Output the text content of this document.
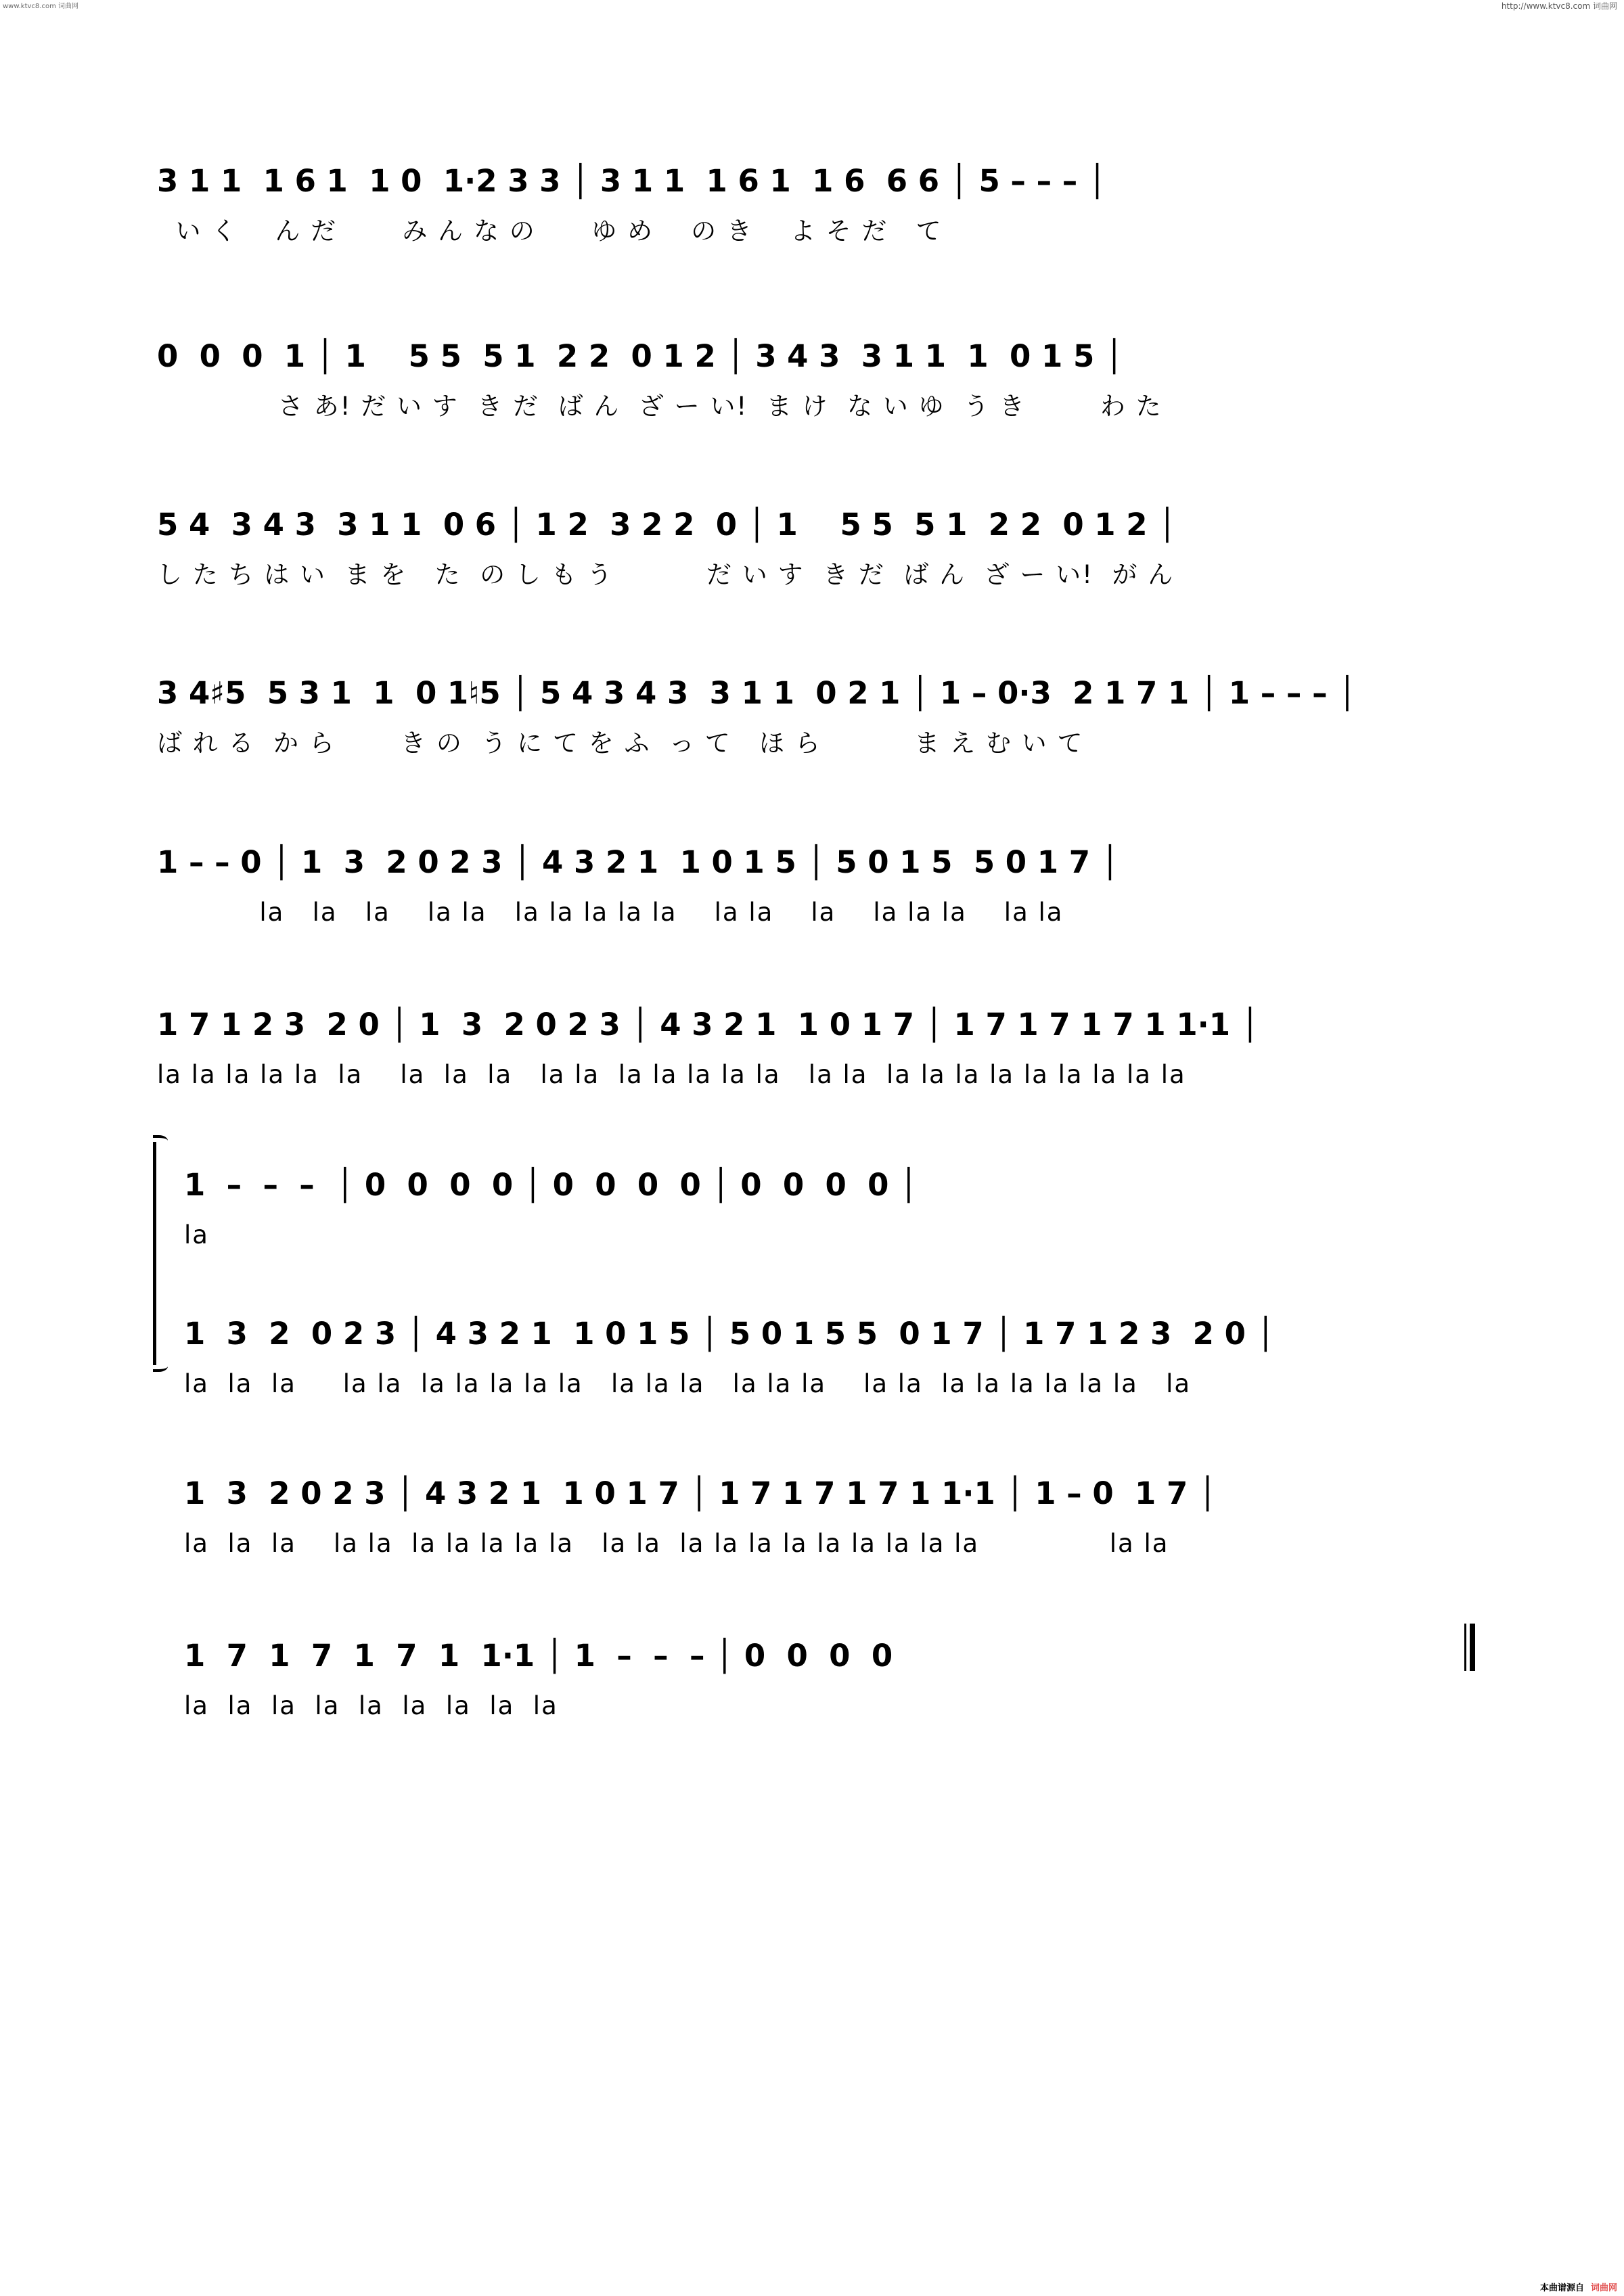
www.ktvc8.com 词曲网	http://www.ktvc8.com 词曲网
3 1 1  1 6 1  1 0  1·2 3 3 │ 3 1 1  1 6 1  1 6  6 6 │ 5 – – – │
い く    ん だ       み ん な の      ゆ め    の き    よ そ だ   て
0  0  0  1 │ 1    5 5  5 1  2 2  0 1 2 │ 3 4 3  3 1 1  1  0 1 5 │
さ あ! だ い す  き だ  ば ん  ざ ー い!  ま け  な い ゆ  う き        わ た
5 4  3 4 3  3 1 1  0 6 │ 1 2  3 2 2  0 │ 1    5 5  5 1  2 2  0 1 2 │
し た ち は い  ま を   た  の し も う          だ い す  き だ  ば ん  ざ ー い!  が ん
3 4♯5  5 3 1  1  0 1♮5 │ 5 4 3 4 3  3 1 1  0 2 1 │ 1 – 0·3  2 1 7 1 │ 1 – – – │
ば れ る  か ら       き の  う に て を ふ  っ て   ほ ら          ま え む い て
1 – – 0 │ 1  3  2 0 2 3 │ 4 3 2 1  1 0 1 5 │ 5 0 1 5  5 0 1 7 │
la   la   la    la la   la la la la la    la la    la    la la la    la la
1 7 1 2 3  2 0 │ 1  3  2 0 2 3 │ 4 3 2 1  1 0 1 7 │ 1 7 1 7 1 7 1 1·1 │
la la la la la  la    la  la  la   la la  la la la la la   la la  la la la la la la la la la
1  –  –  –  │ 0  0  0  0 │ 0  0  0  0 │ 0  0  0  0 │
la
1  3  2  0 2 3 │ 4 3 2 1  1 0 1 5 │ 5 0 1 5 5  0 1 7 │ 1 7 1 2 3  2 0 │
la  la  la     la la  la la la la la   la la la   la la la    la la  la la la la la la   la
1  3  2 0 2 3 │ 4 3 2 1  1 0 1 7 │ 1 7 1 7 1 7 1 1·1 │ 1 – 0  1 7 │
la  la  la    la la  la la la la la   la la  la la la la la la la la la              la la
1  7  1  7  1  7  1  1·1 │ 1  –  –  – │ 0  0  0  0
la  la  la  la  la  la  la  la  la
本曲谱源自 词曲网
